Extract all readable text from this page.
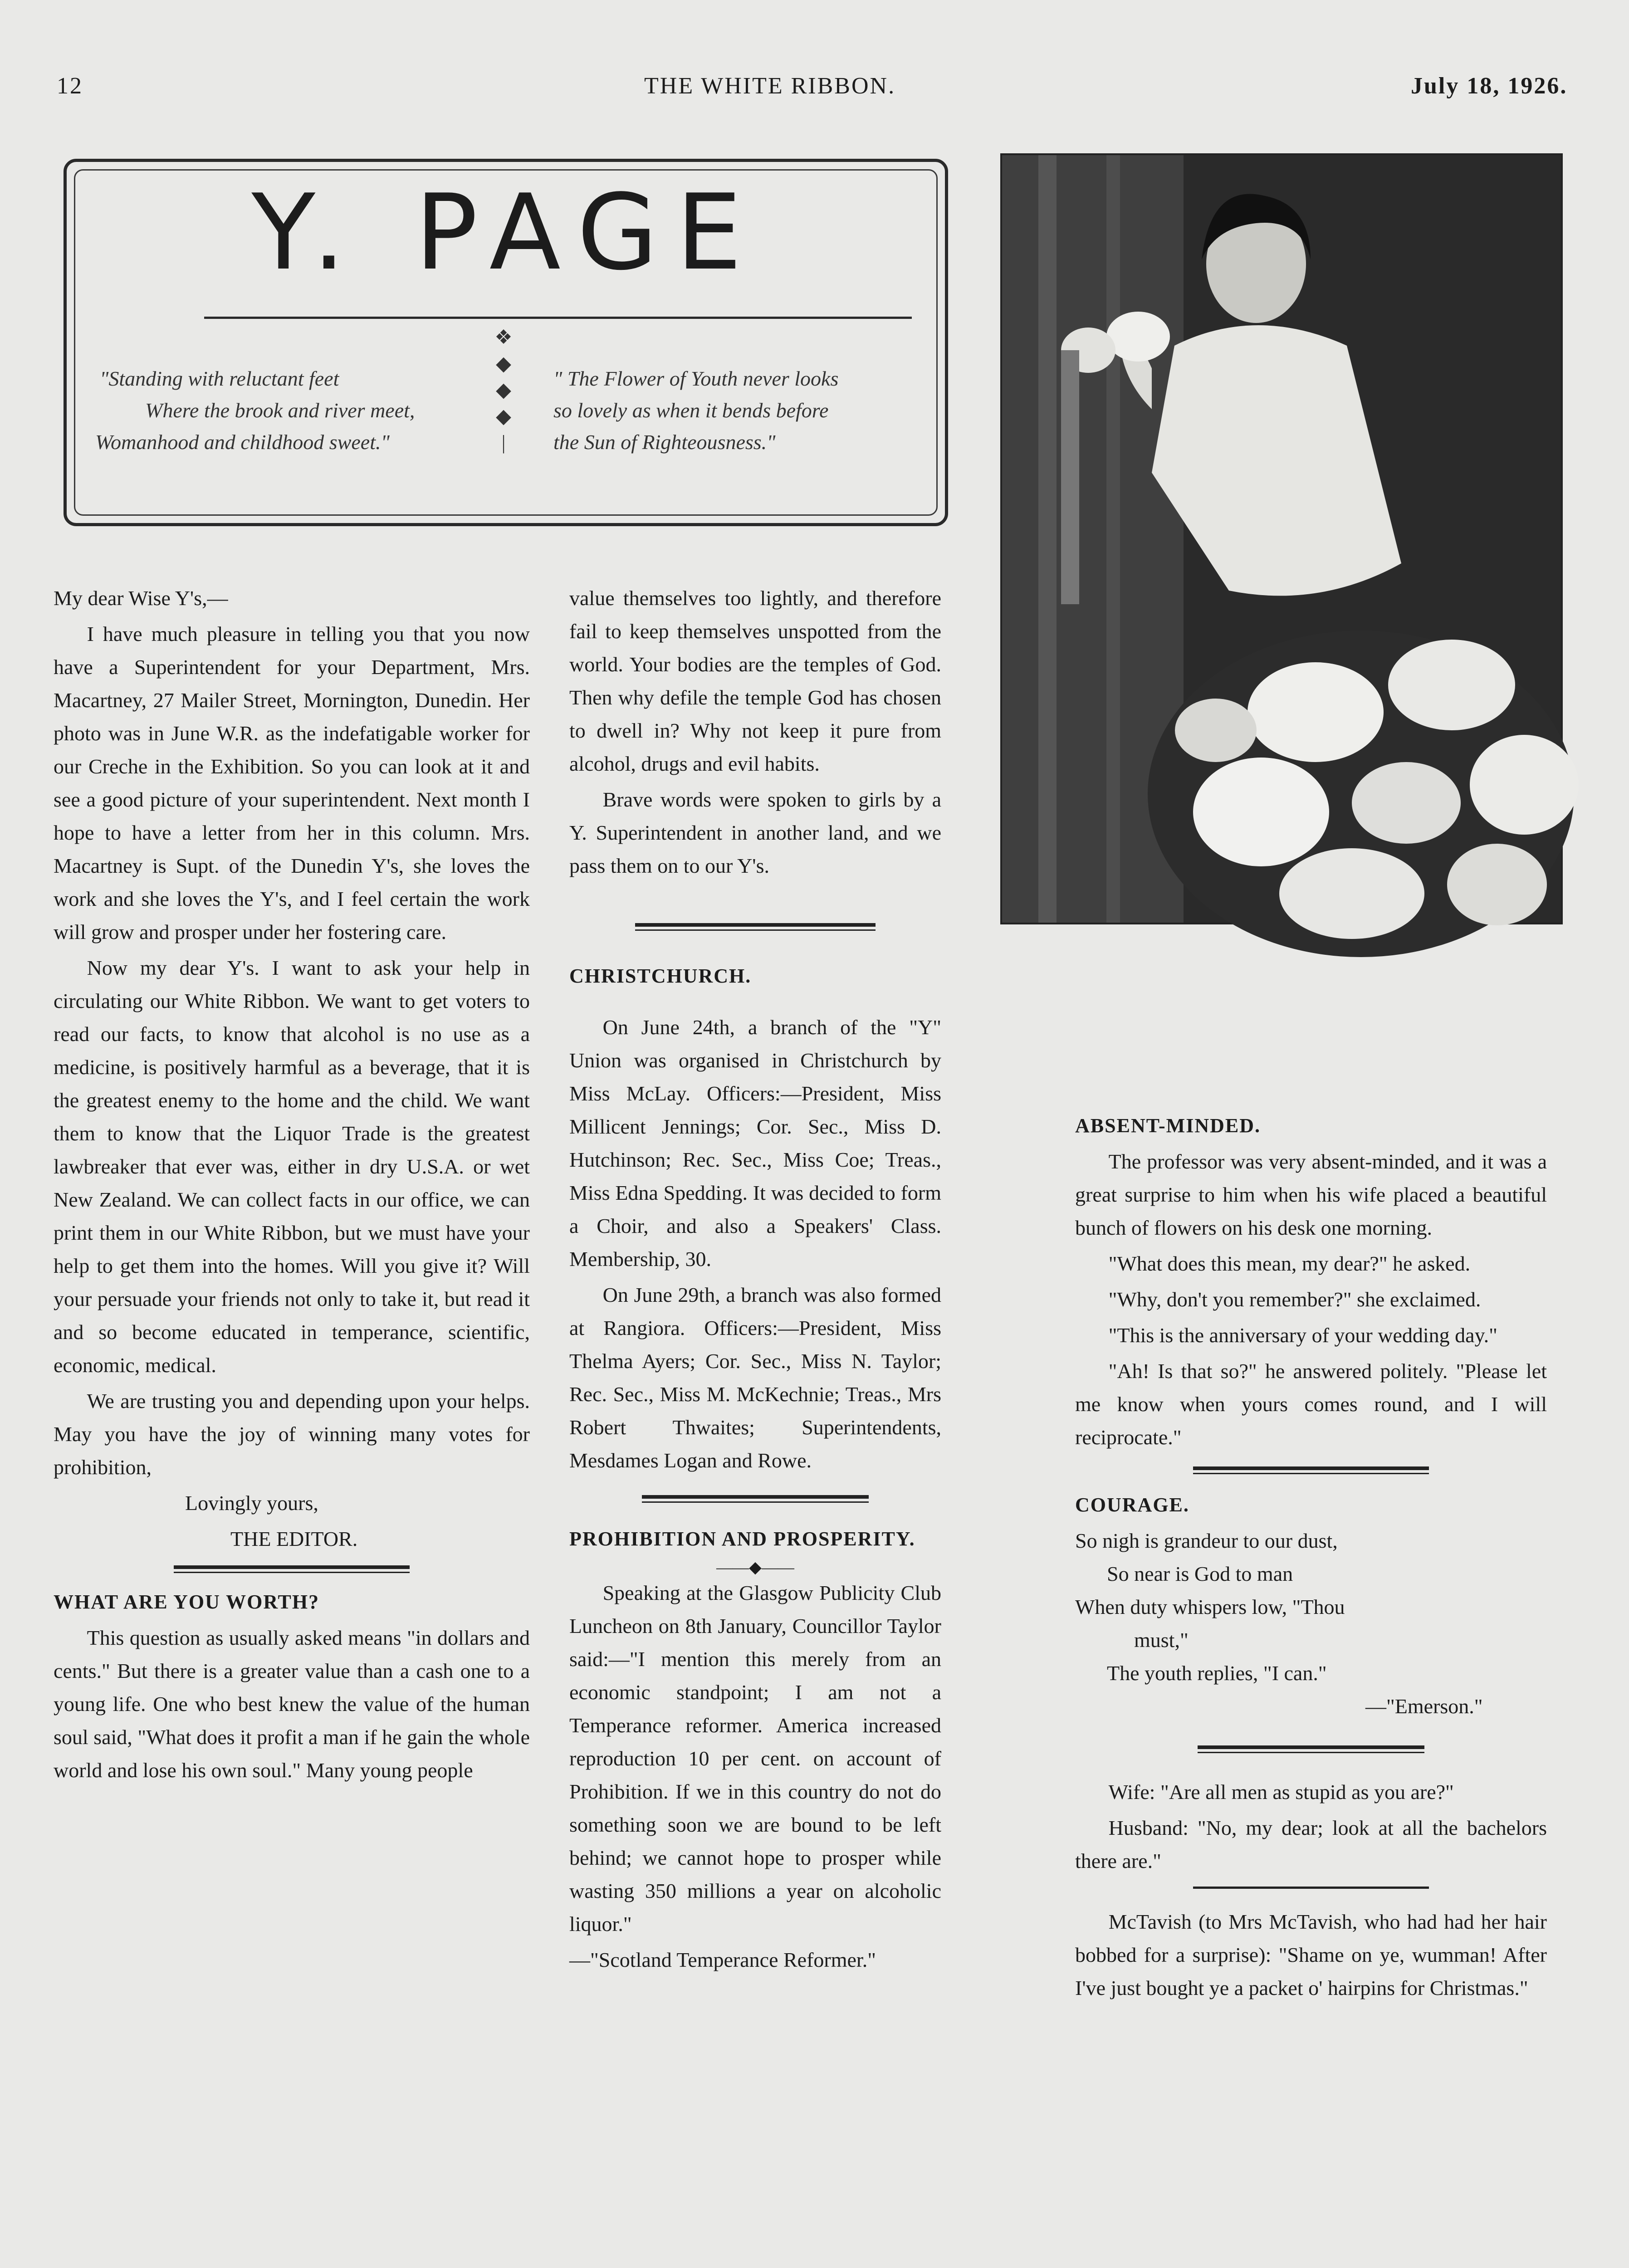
12	THE WHITE RIBBON.	July 18, 1926.
Y. PAGE
❖
◆
◆
◆
|
"Standing with reluctant feet
Where the brook and river meet,
Womanhood and childhood sweet."
" The Flower of Youth never looks
so lovely as when it bends before
the Sun of Righteousness."

My dear Wise Y's,—

I have much pleasure in telling you that you now have a Superintendent for your Department, Mrs. Macartney, 27 Mailer Street, Mornington, Dunedin. Her photo was in June W.R. as the indefatigable worker for our Creche in the Exhibition. So you can look at it and see a good picture of your superintendent. Next month I hope to have a letter from her in this column. Mrs. Macartney is Supt. of the Dunedin Y's, she loves the work and she loves the Y's, and I feel certain the work will grow and prosper under her fostering care.

Now my dear Y's. I want to ask your help in circulating our White Ribbon. We want to get voters to read our facts, to know that alcohol is no use as a medicine, is positively harmful as a beverage, that it is the greatest enemy to the home and the child. We want them to know that the Liquor Trade is the greatest lawbreaker that ever was, either in dry U.S.A. or wet New Zealand. We can collect facts in our office, we can print them in our White Ribbon, but we must have your help to get them into the homes. Will you give it? Will your persuade your friends not only to take it, but read it and so become educated in temperance, scientific, economic, medical.

We are trusting you and depending upon your helps. May you have the joy of winning many votes for prohibition,

Lovingly yours,

THE EDITOR.

WHAT ARE YOU WORTH?

This question as usually asked means "in dollars and cents." But there is a greater value than a cash one to a young life. One who best knew the value of the human soul said, "What does it profit a man if he gain the whole world and lose his own soul." Many young people

value themselves too lightly, and therefore fail to keep themselves unspotted from the world. Your bodies are the temples of God. Then why defile the temple God has chosen to dwell in? Why not keep it pure from alcohol, drugs and evil habits.

Brave words were spoken to girls by a Y. Superintendent in another land, and we pass them on to our Y's.

CHRISTCHURCH.

On June 24th, a branch of the "Y" Union was organised in Christchurch by Miss McLay. Officers:—President, Miss Millicent Jennings; Cor. Sec., Miss D. Hutchinson; Rec. Sec., Miss Coe; Treas., Miss Edna Spedding. It was decided to form a Choir, and also a Speakers' Class. Membership, 30.

On June 29th, a branch was also formed at Rangiora. Officers:—President, Miss Thelma Ayers; Cor. Sec., Miss N. Taylor; Rec. Sec., Miss M. McKechnie; Treas., Mrs Robert Thwaites; Superintendents, Mesdames Logan and Rowe.

PROHIBITION AND PROSPERITY.

——◆——

Speaking at the Glasgow Publicity Club Luncheon on 8th January, Councillor Taylor said:—"I mention this merely from an economic standpoint; I am not a Temperance reformer. America increased reproduction 10 per cent. on account of Prohibition. If we in this country do not do something soon we are bound to be left behind; we cannot hope to prosper while wasting 350 millions a year on alcoholic liquor."

—"Scotland Temperance Reformer."

ABSENT-MINDED.

The professor was very absent-minded, and it was a great surprise to him when his wife placed a beautiful bunch of flowers on his desk one morning.

"What does this mean, my dear?" he asked.

"Why, don't you remember?" she exclaimed.

"This is the anniversary of your wedding day."

"Ah! Is that so?" he answered politely. "Please let me know when yours comes round, and I will reciprocate."

COURAGE.

So nigh is grandeur to our dust,
So near is God to man
When duty whispers low, "Thou
must,"
The youth replies, "I can."
—"Emerson."

Wife: "Are all men as stupid as you are?"

Husband: "No, my dear; look at all the bachelors there are."

McTavish (to Mrs McTavish, who had had her hair bobbed for a surprise): "Shame on ye, wumman! After I've just bought ye a packet o' hairpins for Christmas."
